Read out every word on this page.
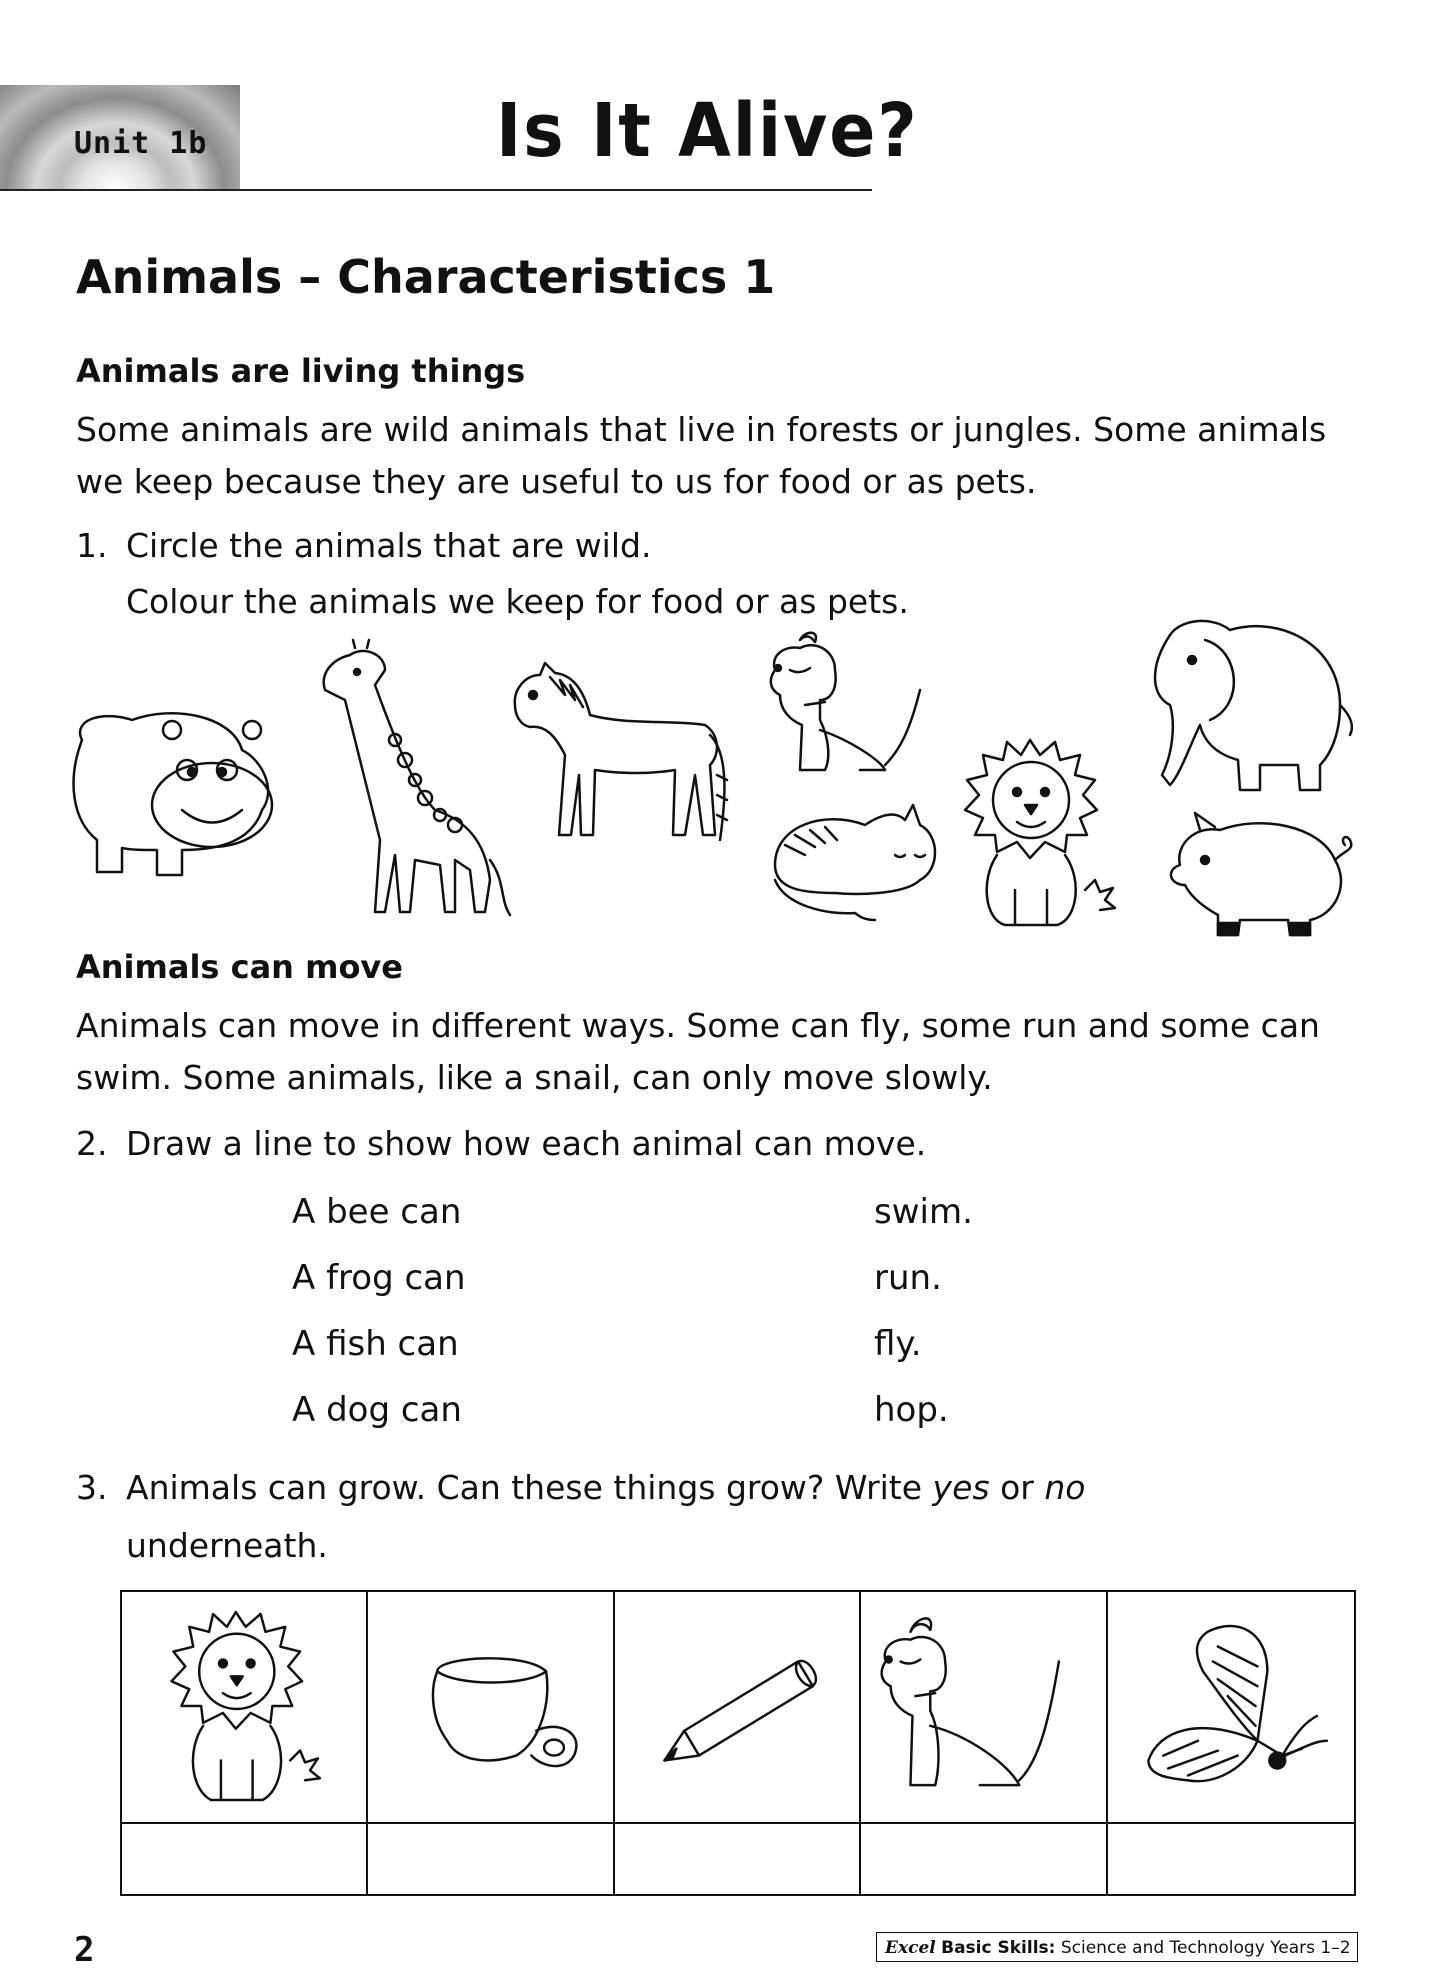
Unit 1b	Is It Alive?
Animals – Characteristics 1
Animals are living things
Some animals are wild animals that live in forests or jungles. Some animals we keep because they are useful to us for food or as pets.
1. Circle the animals that are wild.
Colour the animals we keep for food or as pets.
Animals can move
Animals can move in different ways. Some can fly, some run and some can swim. Some animals, like a snail, can only move slowly.
2. Draw a line to show how each animal can move.
A bee can
A frog can
A fish can
A dog can
swim.
run.
fly.
hop.
3. Animals can grow. Can these things grow? Write yes or no
underneath.
2	Excel Basic Skills: Science and Technology Years 1–2
